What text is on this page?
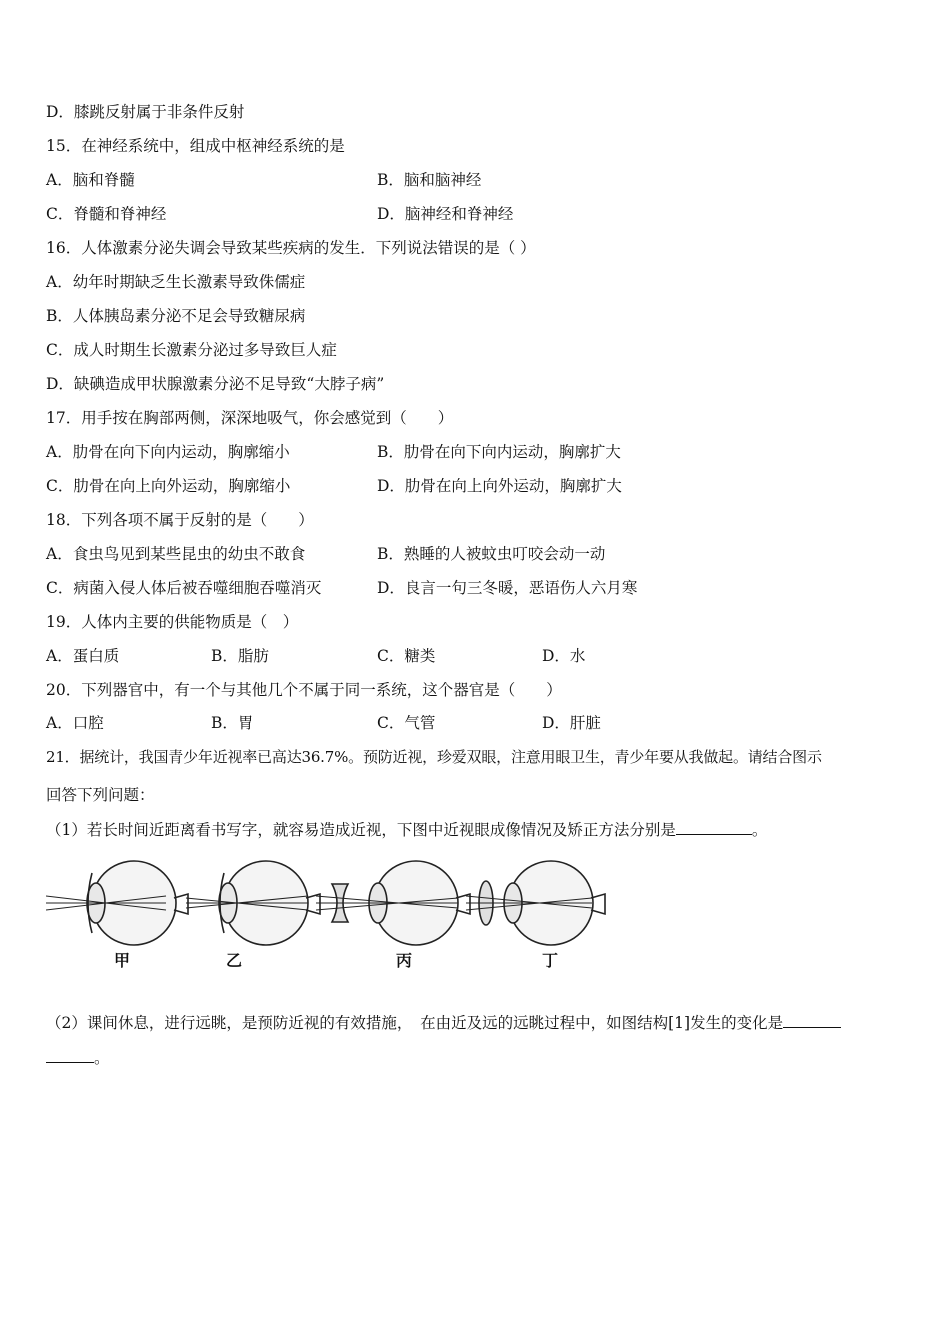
D．膝跳反射属于非条件反射
15．在神经系统中，组成中枢神经系统的是
A．脑和脊髓	B．脑和脑神经
C．脊髓和脊神经	D．脑神经和脊神经
16．人体激素分泌失调会导致某些疾病的发生．下列说法错误的是（ ）
A．幼年时期缺乏生长激素导致侏儒症
B．人体胰岛素分泌不足会导致糖尿病
C．成人时期生长激素分泌过多导致巨人症
D．缺碘造成甲状腺激素分泌不足导致“大脖子病”
17．用手按在胸部两侧，深深地吸气，你会感觉到（　　）
A．肋骨在向下向内运动，胸廓缩小	B．肋骨在向下向内运动，胸廓扩大
C．肋骨在向上向外运动，胸廓缩小	D．肋骨在向上向外运动，胸廓扩大
18．下列各项不属于反射的是（　　）
A．食虫鸟见到某些昆虫的幼虫不敢食	B．熟睡的人被蚊虫叮咬会动一动
C．病菌入侵人体后被吞噬细胞吞噬消灭	D．良言一句三冬暖，恶语伤人六月寒
19．人体内主要的供能物质是（　）
A．蛋白质	B．脂肪	C．糖类	D．水
20．下列器官中，有一个与其他几个不属于同一系统，这个器官是（　　）
A．口腔	B．胃	C．气管	D．肝脏
21．据统计，我国青少年近视率已高达36.7%。预防近视，珍爱双眼，注意用眼卫生，青少年要从我做起。请结合图示
回答下列问题：
（1）若长时间近距离看书写字，就容易造成近视，下图中近视眼成像情况及矫正方法分别是	。
甲	乙	丙	丁
（2）课间休息，进行远眺，是预防近视的有效措施，　在由近及远的远眺过程中，如图结构[1]发生的变化是
。
